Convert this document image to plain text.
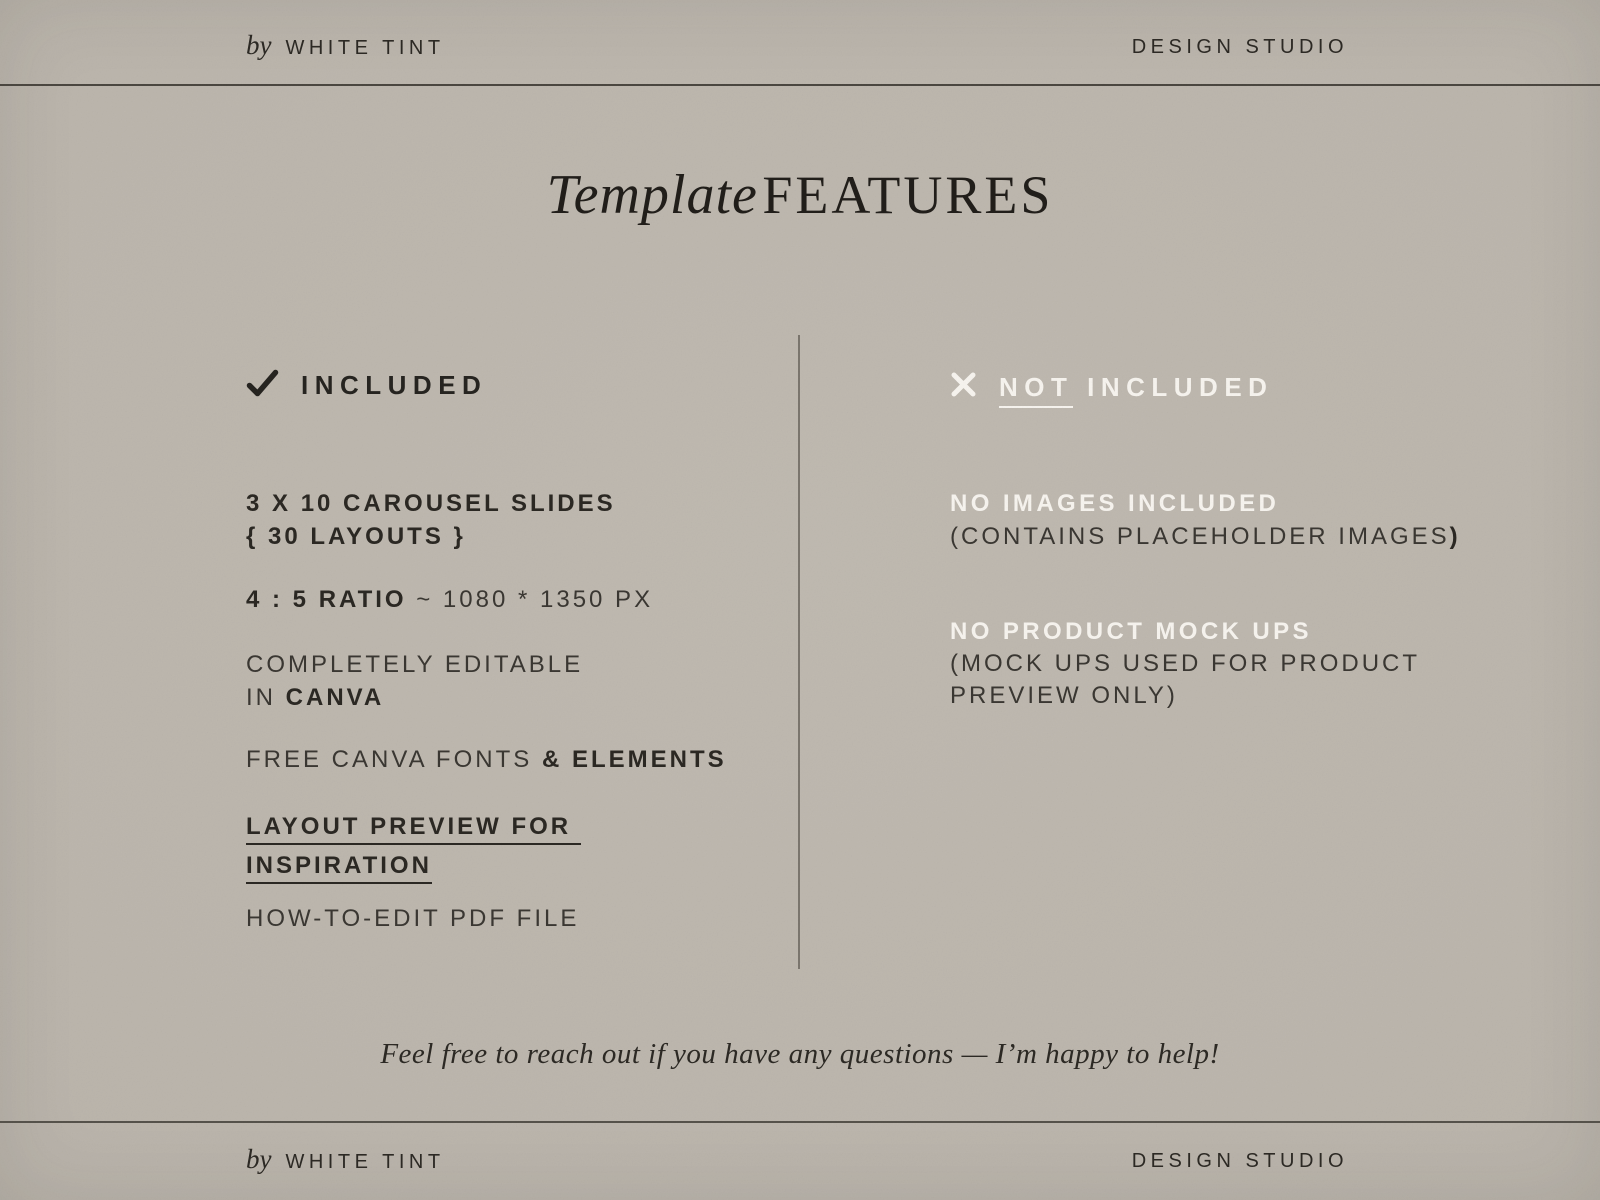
by WHITE TINT	DESIGN STUDIO
Template FEATURES
INCLUDED
3 X 10 CAROUSEL SLIDES
{ 30 LAYOUTS }
4 : 5 RATIO ~ 1080 * 1350 PX
COMPLETELY EDITABLE
IN CANVA
FREE CANVA FONTS & ELEMENTS
LAYOUT PREVIEW FOR
INSPIRATION
HOW-TO-EDIT PDF FILE
NOT INCLUDED
NO IMAGES INCLUDED
(CONTAINS PLACEHOLDER IMAGES)
NO PRODUCT MOCK UPS
(MOCK UPS USED FOR PRODUCT
PREVIEW ONLY)
Feel free to reach out if you have any questions — I’m happy to help!
by WHITE TINT	DESIGN STUDIO
